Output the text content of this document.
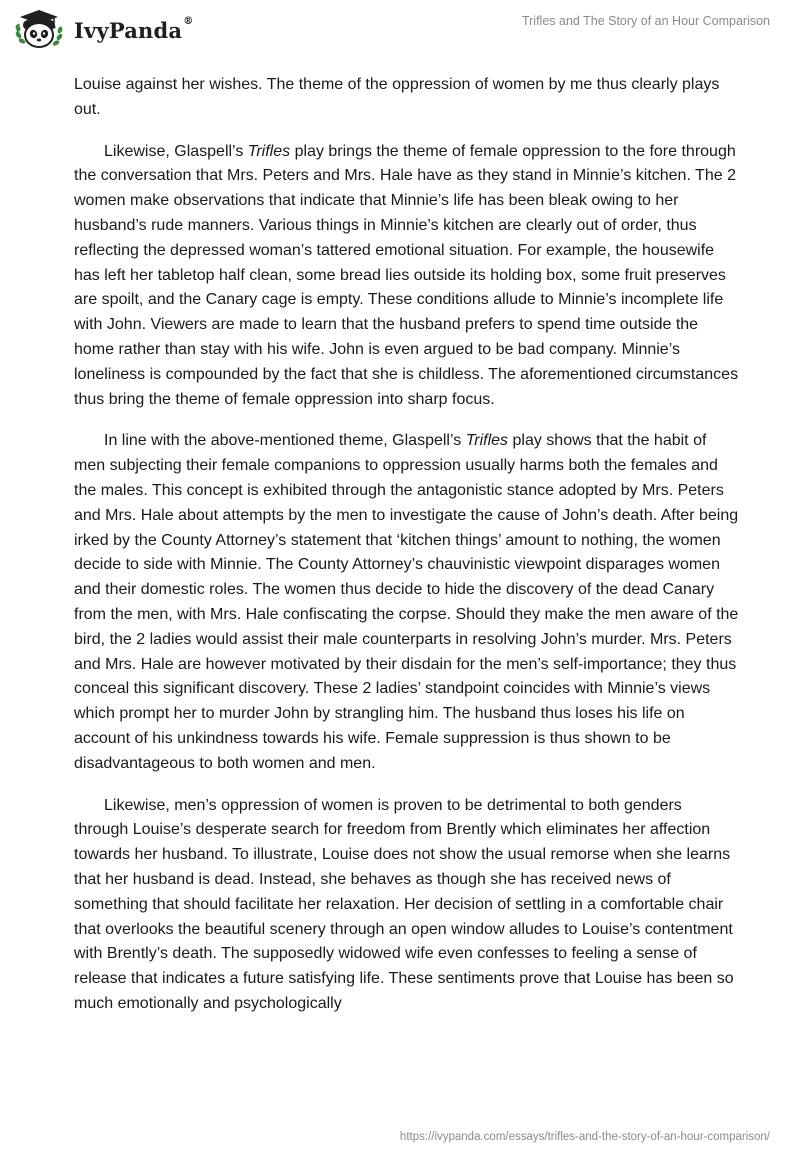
IvyPanda®	Trifles and The Story of an Hour Comparison

Louise against her wishes. The theme of the oppression of women by me thus clearly plays out.

Likewise, Glaspell’s Trifles play brings the theme of female oppression to the fore through the conversation that Mrs. Peters and Mrs. Hale have as they stand in Minnie’s kitchen. The 2 women make observations that indicate that Minnie’s life has been bleak owing to her husband’s rude manners. Various things in Minnie’s kitchen are clearly out of order, thus reflecting the depressed woman’s tattered emotional situation. For example, the housewife has left her tabletop half clean, some bread lies outside its holding box, some fruit preserves are spoilt, and the Canary cage is empty. These conditions allude to Minnie’s incomplete life with John. Viewers are made to learn that the husband prefers to spend time outside the home rather than stay with his wife. John is even argued to be bad company. Minnie’s loneliness is compounded by the fact that she is childless. The aforementioned circumstances thus bring the theme of female oppression into sharp focus.

In line with the above-mentioned theme, Glaspell’s Trifles play shows that the habit of men subjecting their female companions to oppression usually harms both the females and the males. This concept is exhibited through the antagonistic stance adopted by Mrs. Peters and Mrs. Hale about attempts by the men to investigate the cause of John’s death. After being irked by the County Attorney’s statement that ‘kitchen things’ amount to nothing, the women decide to side with Minnie. The County Attorney’s chauvinistic viewpoint disparages women and their domestic roles. The women thus decide to hide the discovery of the dead Canary from the men, with Mrs. Hale confiscating the corpse. Should they make the men aware of the bird, the 2 ladies would assist their male counterparts in resolving John’s murder. Mrs. Peters and Mrs. Hale are however motivated by their disdain for the men’s self-importance; they thus conceal this significant discovery. These 2 ladies’ standpoint coincides with Minnie’s views which prompt her to murder John by strangling him. The husband thus loses his life on account of his unkindness towards his wife. Female suppression is thus shown to be disadvantageous to both women and men.

Likewise, men’s oppression of women is proven to be detrimental to both genders through Louise’s desperate search for freedom from Brently which eliminates her affection towards her husband. To illustrate, Louise does not show the usual remorse when she learns that her husband is dead. Instead, she behaves as though she has received news of something that should facilitate her relaxation. Her decision of settling in a comfortable chair that overlooks the beautiful scenery through an open window alludes to Louise’s contentment with Brently’s death. The supposedly widowed wife even confesses to feeling a sense of release that indicates a future satisfying life. These sentiments prove that Louise has been so much emotionally and psychologically

https://ivypanda.com/essays/trifles-and-the-story-of-an-hour-comparison/
